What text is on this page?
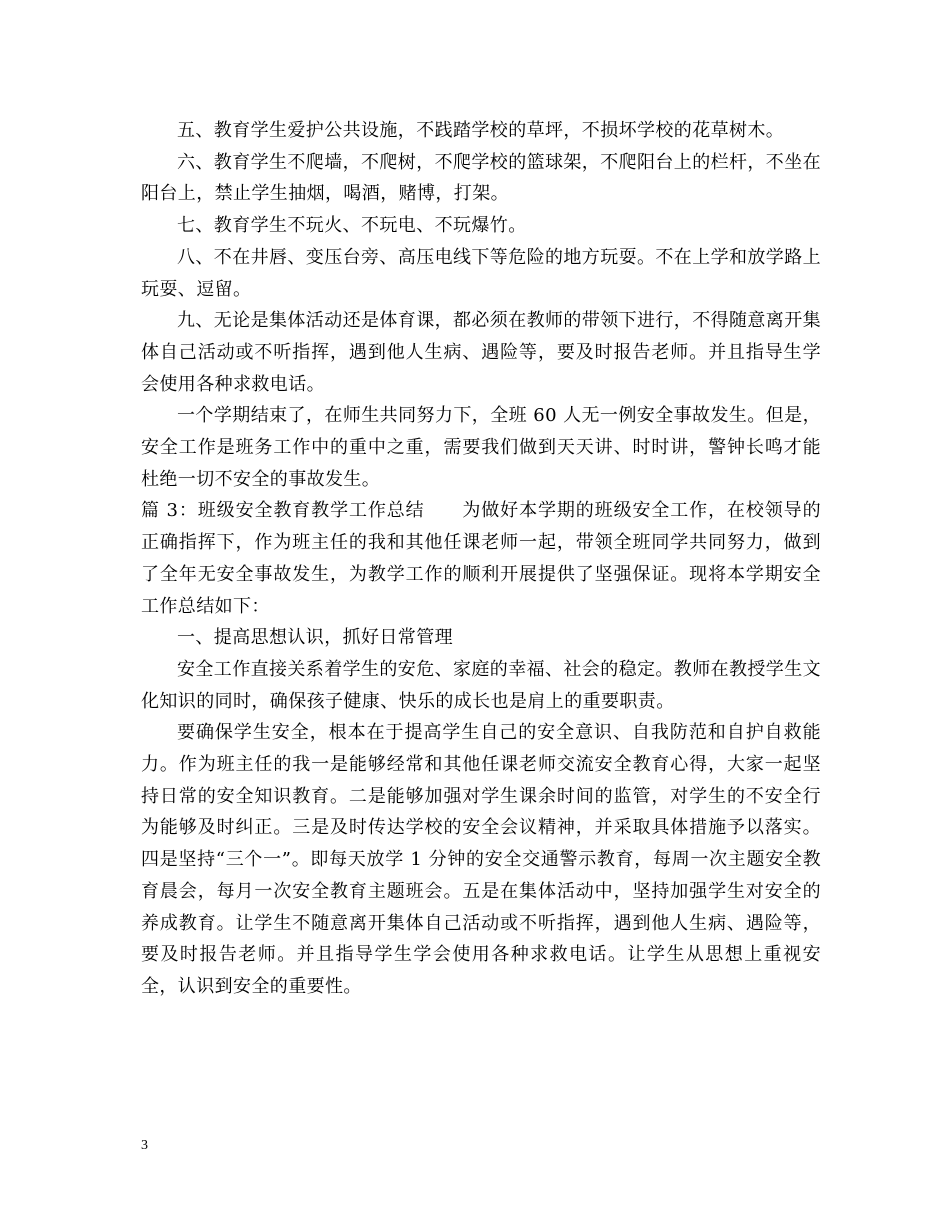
五、教育学生爱护公共设施，不践踏学校的草坪，不损坏学校的花草树木。

六、教育学生不爬墙，不爬树，不爬学校的篮球架，不爬阳台上的栏杆，不坐在阳台上，禁止学生抽烟，喝酒，赌博，打架。

七、教育学生不玩火、不玩电、不玩爆竹。

八、不在井唇、变压台旁、高压电线下等危险的地方玩耍。不在上学和放学路上玩耍、逗留。

九、无论是集体活动还是体育课，都必须在教师的带领下进行，不得随意离开集体自己活动或不听指挥，遇到他人生病、遇险等，要及时报告老师。并且指导生学会使用各种求救电话。

一个学期结束了，在师生共同努力下，全班 60 人无一例安全事故发生。但是，安全工作是班务工作中的重中之重，需要我们做到天天讲、时时讲，警钟长鸣才能杜绝一切不安全的事故发生。

篇 3：班级安全教育教学工作总结　　为做好本学期的班级安全工作，在校领导的正确指挥下，作为班主任的我和其他任课老师一起，带领全班同学共同努力，做到了全年无安全事故发生，为教学工作的顺利开展提供了坚强保证。现将本学期安全工作总结如下：

一、提高思想认识，抓好日常管理

安全工作直接关系着学生的安危、家庭的幸福、社会的稳定。教师在教授学生文化知识的同时，确保孩子健康、快乐的成长也是肩上的重要职责。

要确保学生安全，根本在于提高学生自己的安全意识、自我防范和自护自救能力。作为班主任的我一是能够经常和其他任课老师交流安全教育心得，大家一起坚持日常的安全知识教育。二是能够加强对学生课余时间的监管，对学生的不安全行为能够及时纠正。三是及时传达学校的安全会议精神，并采取具体措施予以落实。四是坚持“三个一”。即每天放学 1 分钟的安全交通警示教育，每周一次主题安全教育晨会，每月一次安全教育主题班会。五是在集体活动中，坚持加强学生对安全的养成教育。让学生不随意离开集体自己活动或不听指挥，遇到他人生病、遇险等，要及时报告老师。并且指导学生学会使用各种求救电话。让学生从思想上重视安全，认识到安全的重要性。

3
